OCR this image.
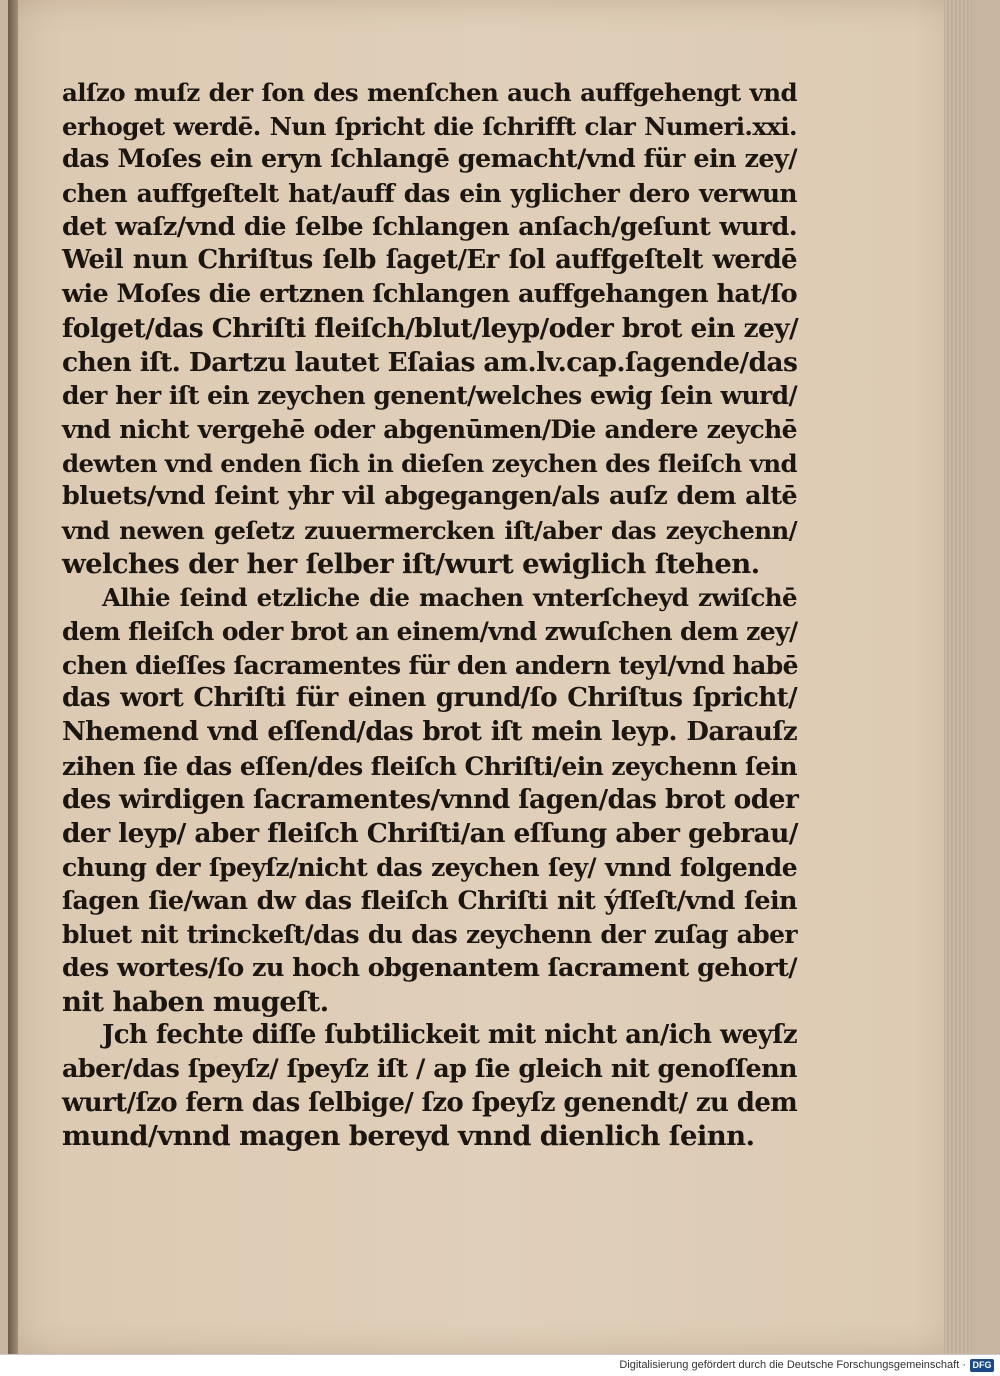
alſzo muſz der ſon des menſchen auch auffgehengt vnd
erhoget werdē. Nun ſpricht die ſchrifft clar Numeri.xxi.
das Moſes ein eryn ſchlangē gemacht/vnd für ein zey/
chen auffgeſtelt hat/auff das ein yglicher dero verwun
det waſz/vnd die ſelbe ſchlangen anſach/geſunt wurd.
Weil nun Chriſtus ſelb ſaget/Er ſol auffgeſtelt werdē
wie Moſes die ertznen ſchlangen auffgehangen hat/ſo
folget/das Chriſti fleiſch/blut/leyp/oder brot ein zey/
chen iſt. Dartzu lautet Eſaias am.lv.cap.ſagende/das
der her iſt ein zeychen genent/welches ewig ſein wurd/
vnd nicht vergehē oder abgenūmen/Die andere zeychē
dewten vnd enden ſich in dieſen zeychen des fleiſch vnd
bluets/vnd ſeint yhr vil abgegangen/als auſz dem altē
vnd newen geſetz zuuermercken iſt/aber das zeychenn/
welches der her ſelber iſt/wurt ewiglich ſtehen.
Alhie ſeind etzliche die machen vnterſcheyd zwiſchē
dem fleiſch oder brot an einem/vnd zwuſchen dem zey/
chen dieſſes ſacramentes für den andern teyl/vnd habē
das wort Chriſti für einen grund/ſo Chriſtus ſpricht/
Nhemend vnd eſſend/das brot iſt mein leyp. Darauſz
zihen ſie das eſſen/des fleiſch Chriſti/ein zeychenn ſein
des wirdigen ſacramentes/vnnd ſagen/das brot oder
der leyp/ aber fleiſch Chriſti/an eſſung aber gebrau/
chung der ſpeyſz/nicht das zeychen ſey/ vnnd folgende
ſagen ſie/wan dw das fleiſch Chriſti nit ýſſeſt/vnd ſein
bluet nit trinckeſt/das du das zeychenn der zuſag aber
des wortes/ſo zu hoch obgenantem ſacrament gehort/
nit haben mugeſt.
Jch fechte diſſe ſubtilickeit mit nicht an/ich weyſz
aber/das ſpeyſz/ ſpeyſz iſt / ap ſie gleich nit genoſſenn
wurt/ſzo fern das ſelbige/ ſzo ſpeyſz genendt/ zu dem
mund/vnnd magen bereyd vnnd dienlich ſeinn.
Digitalisierung gefördert durch die Deutsche Forschungsgemeinschaft · DFG
